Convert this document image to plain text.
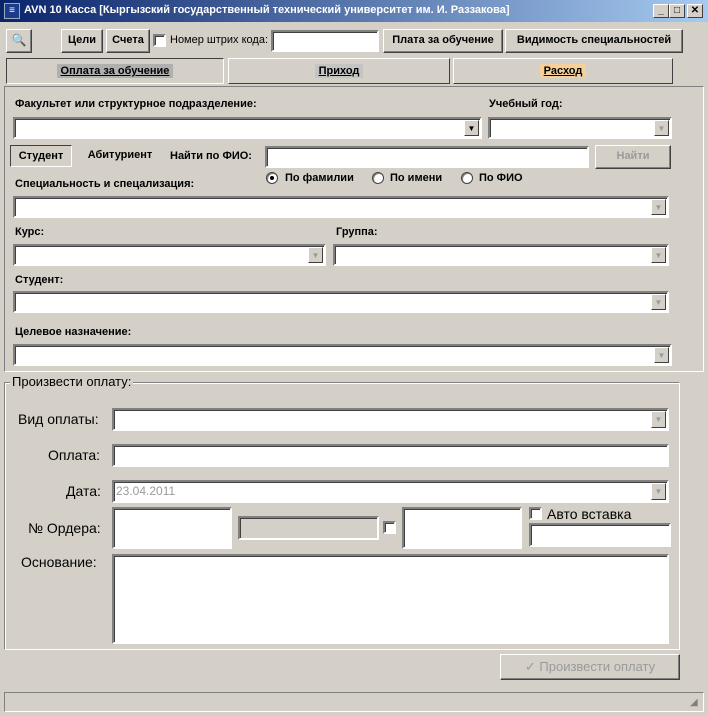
≡ AVN 10 Касса [Кыргызский государственный технический университет им. И. Раззакова]	_	□	✕
🔍	Цели	Счета	Номер штрих кода:	Плата за обучение	Видимость специальностей
Оплата за обучение	Приход	Расход
Факультет или структурное подразделение:	Учебный год:
▼	▼
Студент	Абитуриент	Найти по ФИО:	Найти
Специальность и спецализация:	По фамилии	По имени	По ФИО
▼
Курс:	Группа:
▼	▼
Студент:
▼
Целевое назначение:
▼
Произвести оплату:
Вид оплаты:	▼
Оплата:
Дата:	23.04.2011	▼
№ Ордера:
Авто вставка
Основание:
✓ Произвести оплату
◢
